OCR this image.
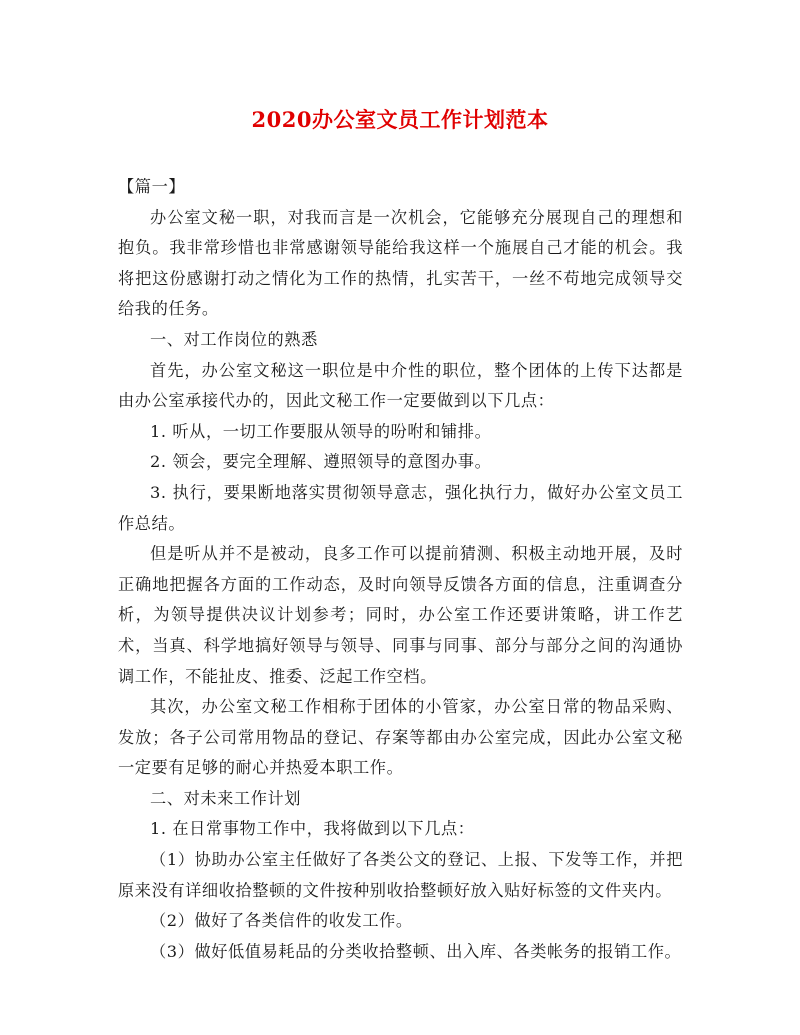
2020办公室文员工作计划范本

【篇一】

办公室文秘一职，对我而言是一次机会，它能够充分展现自己的理想和抱负。我非常珍惜也非常感谢领导能给我这样一个施展自己才能的机会。我将把这份感谢打动之情化为工作的热情，扎实苦干，一丝不苟地完成领导交给我的任务。

一、对工作岗位的熟悉

首先，办公室文秘这一职位是中介性的职位，整个团体的上传下达都是由办公室承接代办的，因此文秘工作一定要做到以下几点：

1. 听从，一切工作要服从领导的吩咐和铺排。

2. 领会，要完全理解、遵照领导的意图办事。

3. 执行，要果断地落实贯彻领导意志，强化执行力，做好办公室文员工作总结。

但是听从并不是被动，良多工作可以提前猜测、积极主动地开展，及时正确地把握各方面的工作动态，及时向领导反馈各方面的信息，注重调查分析，为领导提供决议计划参考；同时，办公室工作还要讲策略，讲工作艺术，当真、科学地搞好领导与领导、同事与同事、部分与部分之间的沟通协调工作，不能扯皮、推委、泛起工作空档。

其次，办公室文秘工作相称于团体的小管家，办公室日常的物品采购、发放；各子公司常用物品的登记、存案等都由办公室完成，因此办公室文秘一定要有足够的耐心并热爱本职工作。

二、对未来工作计划

1. 在日常事物工作中，我将做到以下几点：

（1）协助办公室主任做好了各类公文的登记、上报、下发等工作，并把原来没有详细收拾整顿的文件按种别收拾整顿好放入贴好标签的文件夹内。

（2）做好了各类信件的收发工作。

（3）做好低值易耗品的分类收拾整顿、出入库、各类帐务的报销工作。
